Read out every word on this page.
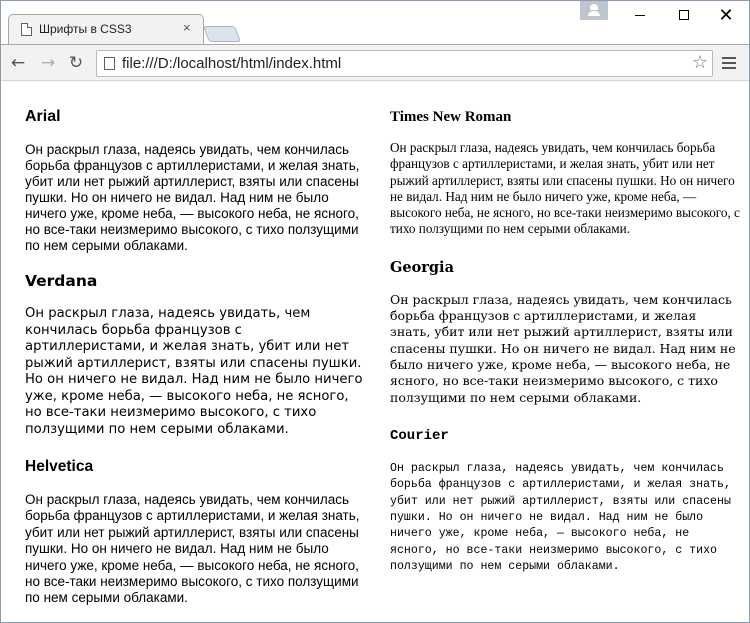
Шрифты в CSS3	×
✕
← → ↻	file:///D:/localhost/html/index.html	☆
Arial
Он раскрыл глаза, надеясь увидать, чем кончилась борьба французов с артиллеристами, и желая знать, убит или нет рыжий артиллерист, взяты или спасены пушки. Но он ничего не видал. Над ним не было ничего уже, кроме неба, — высокого неба, не ясного, но все-таки неизмеримо высокого, с тихо ползущими по нем серыми облаками.
Verdana
Он раскрыл глаза, надеясь увидать, чем кончилась борьба французов с артиллеристами, и желая знать, убит или нет рыжий артиллерист, взяты или спасены пушки. Но он ничего не видал. Над ним не было ничего уже, кроме неба, — высокого неба, не ясного, но все-таки неизмеримо высокого, с тихо ползущими по нем серыми облаками.
Helvetica
Он раскрыл глаза, надеясь увидать, чем кончилась борьба французов с артиллеристами, и желая знать, убит или нет рыжий артиллерист, взяты или спасены пушки. Но он ничего не видал. Над ним не было ничего уже, кроме неба, — высокого неба, не ясного, но все-таки неизмеримо высокого, с тихо ползущими по нем серыми облаками.
Times New Roman
Он раскрыл глаза, надеясь увидать, чем кончилась борьба французов с артиллеристами, и желая знать, убит или нет рыжий артиллерист, взяты или спасены пушки. Но он ничего не видал. Над ним не было ничего уже, кроме неба, — высокого неба, не ясного, но все-таки неизмеримо высокого, с тихо ползущими по нем серыми облаками.
Georgia
Он раскрыл глаза, надеясь увидать, чем кончилась борьба французов с артиллеристами, и желая знать, убит или нет рыжий артиллерист, взяты или спасены пушки. Но он ничего не видал. Над ним не было ничего уже, кроме неба, — высокого неба, не ясного, но все-таки неизмеримо высокого, с тихо ползущими по нем серыми облаками.
Courier
Он раскрыл глаза, надеясь увидать, чем кончилась борьба французов с артиллеристами, и желая знать, убит или нет рыжий артиллерист, взяты или спасены пушки. Но он ничего не видал. Над ним не было ничего уже, кроме неба, — высокого неба, не ясного, но все-таки неизмеримо высокого, с тихо ползущими по нем серыми облаками.
